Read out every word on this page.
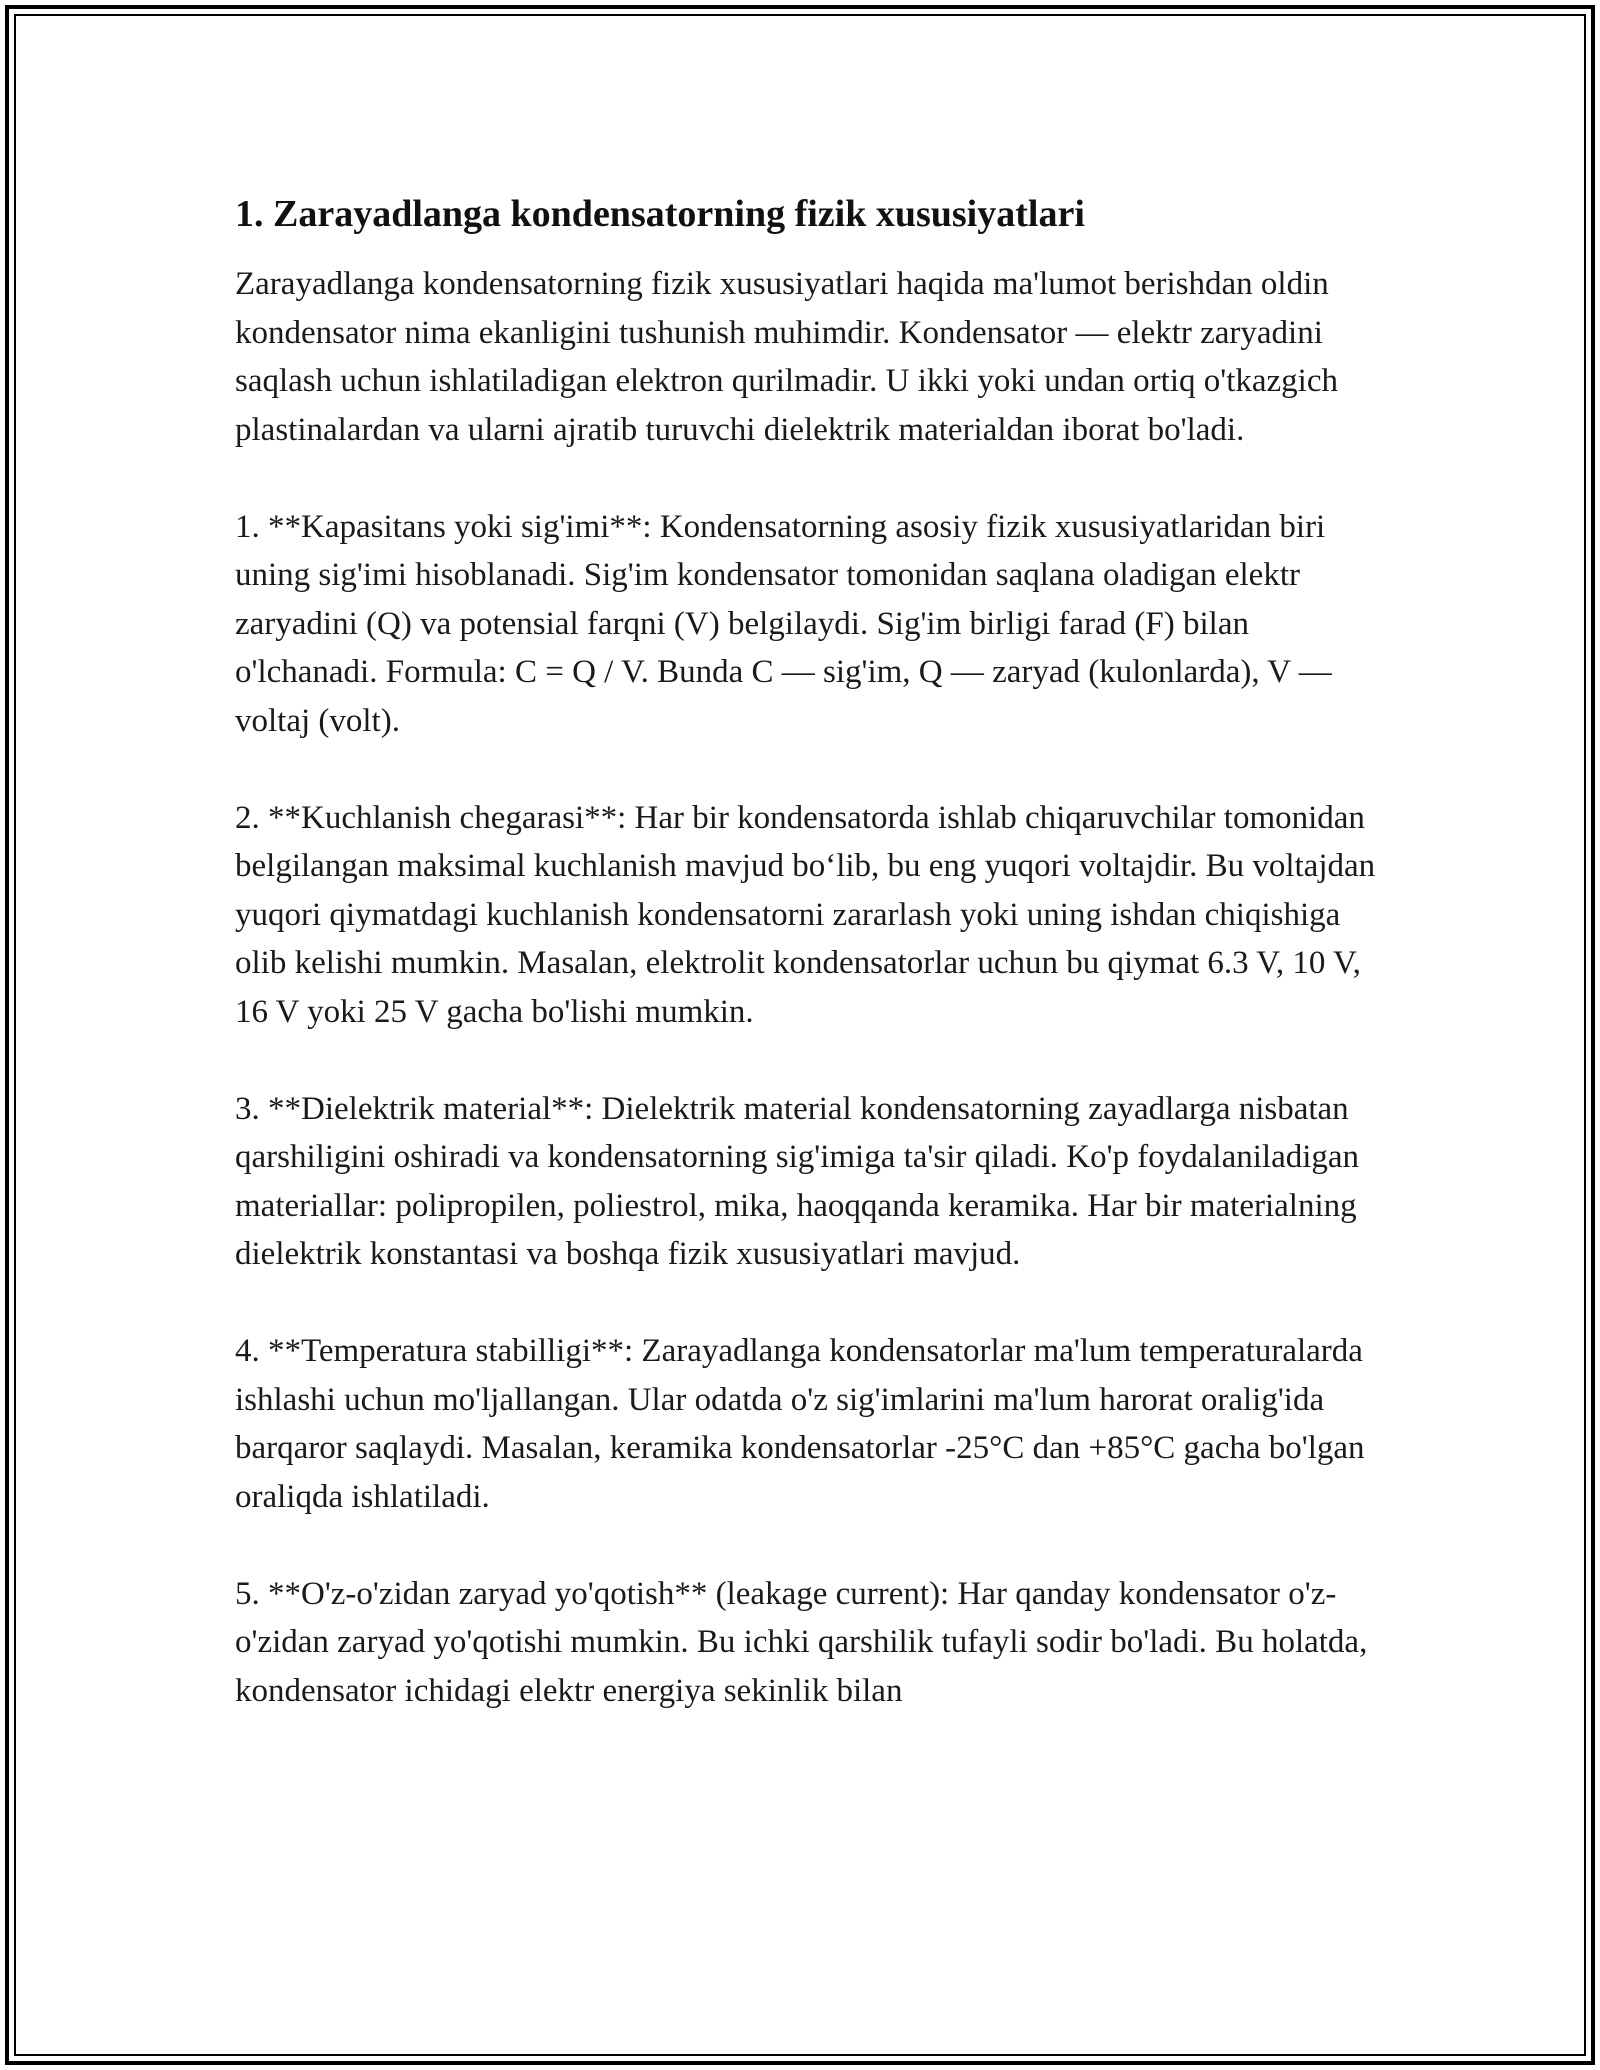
1. Zarayadlanga kondensatorning fizik xususiyatlari

Zarayadlanga kondensatorning fizik xususiyatlari haqida ma'lumot berishdan oldin kondensator nima ekanligini tushunish muhimdir. Kondensator — elektr zaryadini saqlash uchun ishlatiladigan elektron qurilmadir. U ikki yoki undan ortiq o'tkazgich plastinalardan va ularni ajratib turuvchi dielektrik materialdan iborat bo'ladi.

1. **Kapasitans yoki sig'imi**: Kondensatorning asosiy fizik xususiyatlaridan biri uning sig'imi hisoblanadi. Sig'im kondensator tomonidan saqlana oladigan elektr zaryadini (Q) va potensial farqni (V) belgilaydi. Sig'im birligi farad (F) bilan o'lchanadi. Formula: C = Q / V. Bunda C — sig'im, Q — zaryad (kulonlarda), V — voltaj (volt).

2. **Kuchlanish chegarasi**: Har bir kondensatorda ishlab chiqaruvchilar tomonidan belgilangan maksimal kuchlanish mavjud bo‘lib, bu eng yuqori voltajdir. Bu voltajdan yuqori qiymatdagi kuchlanish kondensatorni zararlash yoki uning ishdan chiqishiga olib kelishi mumkin. Masalan, elektrolit kondensatorlar uchun bu qiymat 6.3 V, 10 V, 16 V yoki 25 V gacha bo'lishi mumkin.

3. **Dielektrik material**: Dielektrik material kondensatorning zayadlarga nisbatan qarshiligini oshiradi va kondensatorning sig'imiga ta'sir qiladi. Ko'p foydalaniladigan materiallar: polipropilen, poliestrol, mika, haoqqanda keramika. Har bir materialning dielektrik konstantasi va boshqa fizik xususiyatlari mavjud.

4. **Temperatura stabilligi**: Zarayadlanga kondensatorlar ma'lum temperaturalarda ishlashi uchun mo'ljallangan. Ular odatda o'z sig'imlarini ma'lum harorat oralig'ida barqaror saqlaydi. Masalan, keramika kondensatorlar -25°C dan +85°C gacha bo'lgan oraliqda ishlatiladi.

5. **O'z-o'zidan zaryad yo'qotish** (leakage current): Har qanday kondensator o'z-o'zidan zaryad yo'qotishi mumkin. Bu ichki qarshilik tufayli sodir bo'ladi. Bu holatda, kondensator ichidagi elektr energiya sekinlik bilan
